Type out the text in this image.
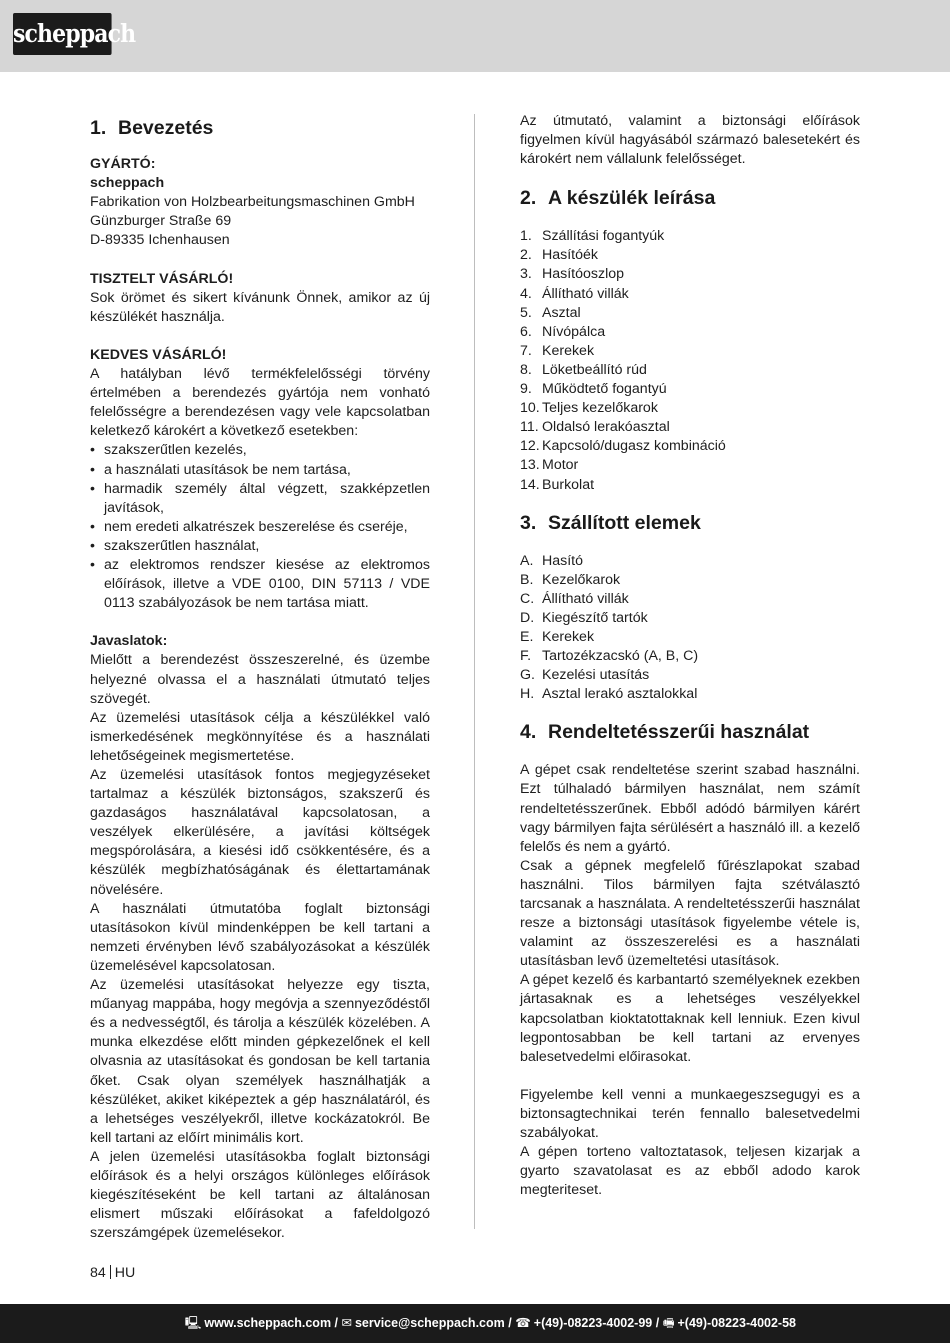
scheppach
1. Bevezetés
GYÁRTÓ:
scheppach
Fabrikation von Holzbearbeitungsmaschinen GmbH
Günzburger Straße 69
D-89335 Ichenhausen
TISZTELT VÁSÁRLÓ!

Sok örömet és sikert kívánunk Önnek, amikor az új készülékét használja.

KEDVES VÁSÁRLÓ!

A hatályban lévő termékfelelősségi törvény értelmében a berendezés gyártója nem vonható felelősségre a berendezésen vagy vele kapcsolatban keletkező károkért a következő esetekben:

• szakszerűtlen kezelés,
• a használati utasítások be nem tartása,
• harmadik személy által végzett, szakképzetlen javítások,
• nem eredeti alkatrészek beszerelése és cseréje,
• szakszerűtlen használat,
• az elektromos rendszer kiesése az elektromos előírások, illetve a VDE 0100, DIN 57113 / VDE 0113 szabályozások be nem tartása miatt.
Javaslatok:

Mielőtt a berendezést összeszerelné, és üzembe helyezné olvassa el a használati útmutató teljes szövegét.

Az üzemelési utasítások célja a készülékkel való ismerkedésének megkönnyítése és a használati lehetőségeinek megismertetése.

Az üzemelési utasítások fontos megjegyzéseket tartalmaz a készülék biztonságos, szakszerű és gazdaságos használatával kapcsolatosan, a veszélyek elkerülésére, a javítási költségek megspórolására, a kiesési idő csökkentésére, és a készülék megbízhatóságának és élettartamának növelésére.

A használati útmutatóba foglalt biztonsági utasításokon kívül mindenképpen be kell tartani a nemzeti érvényben lévő szabályozásokat a készülék üzemelésével kapcsolatosan.

Az üzemelési utasításokat helyezze egy tiszta, műanyag mappába, hogy megóvja a szennyeződéstől és a nedvességtől, és tárolja a készülék közelében. A munka elkezdése előtt minden gépkezelőnek el kell olvasnia az utasításokat és gondosan be kell tartania őket. Csak olyan személyek használhatják a készüléket, akiket kiképeztek a gép használatáról, és a lehetséges veszélyekről, illetve kockázatokról. Be kell tartani az előírt minimális kort.

A jelen üzemelési utasításokba foglalt biztonsági előírások és a helyi országos különleges előírások kiegészítéseként be kell tartani az általánosan elismert műszaki előírásokat a fafeldolgozó szerszámgépek üzemelésekor.

Az útmutató, valamint a biztonsági előírások figyelmen kívül hagyásából származó balesetekért és károkért nem vállalunk felelősséget.

2. A készülék leírása
1. Szállítási fogantyúk
2. Hasítóék
3. Hasítóoszlop
4. Állítható villák
5. Asztal
6. Nívópálca
7. Kerekek
8. Löketbeállító rúd
9. Működtető fogantyú
10. Teljes kezelőkarok
11. Oldalsó lerakóasztal
12. Kapcsoló/dugasz kombináció
13. Motor
14. Burkolat
3. Szállított elemek
A. Hasító
B. Kezelőkarok
C. Állítható villák
D. Kiegészítő tartók
E. Kerekek
F. Tartozékzacskó (A, B, C)
G. Kezelési utasítás
H. Asztal lerakó asztalokkal
4. Rendeltetésszerűi használat

A gépet csak rendeltetése szerint szabad használni. Ezt túlhaladó bármilyen használat, nem számít rendeltetésszerűnek. Ebből adódó bármilyen kárért vagy bármilyen fajta sérülésért a használó ill. a kezelő felelős és nem a gyártó.

Csak a gépnek megfelelő fűrészlapokat szabad használni. Tilos bármilyen fajta szétválasztó tarcsanak a használata. A rendeltetésszerűi használat resze a biztonsági utasítások figyelembe vétele is, valamint az összeszerelési es a használati utasításban levő üzemeltetési utasítások.

A gépet kezelő és karbantartó személyeknek ezekben jártasaknak es a lehetséges veszélyekkel kapcsolatban kioktatottaknak kell lenniuk. Ezen kivul legpontosabban be kell tartani az ervenyes balesetvedelmi előirasokat.

Figyelembe kell venni a munkaegeszsegugyi es a biztonsagtechnikai terén fennallo balesetvedelmi szabályokat.

A gépen torteno valtoztatasok, teljesen kizarjak a gyarto szavatolasat es az ebből adodo karok megteriteset.

84 HU
🖳 www.scheppach.com / ✉ service@scheppach.com / ☎ +(49)-08223-4002-99 / 🖷 +(49)-08223-4002-58
